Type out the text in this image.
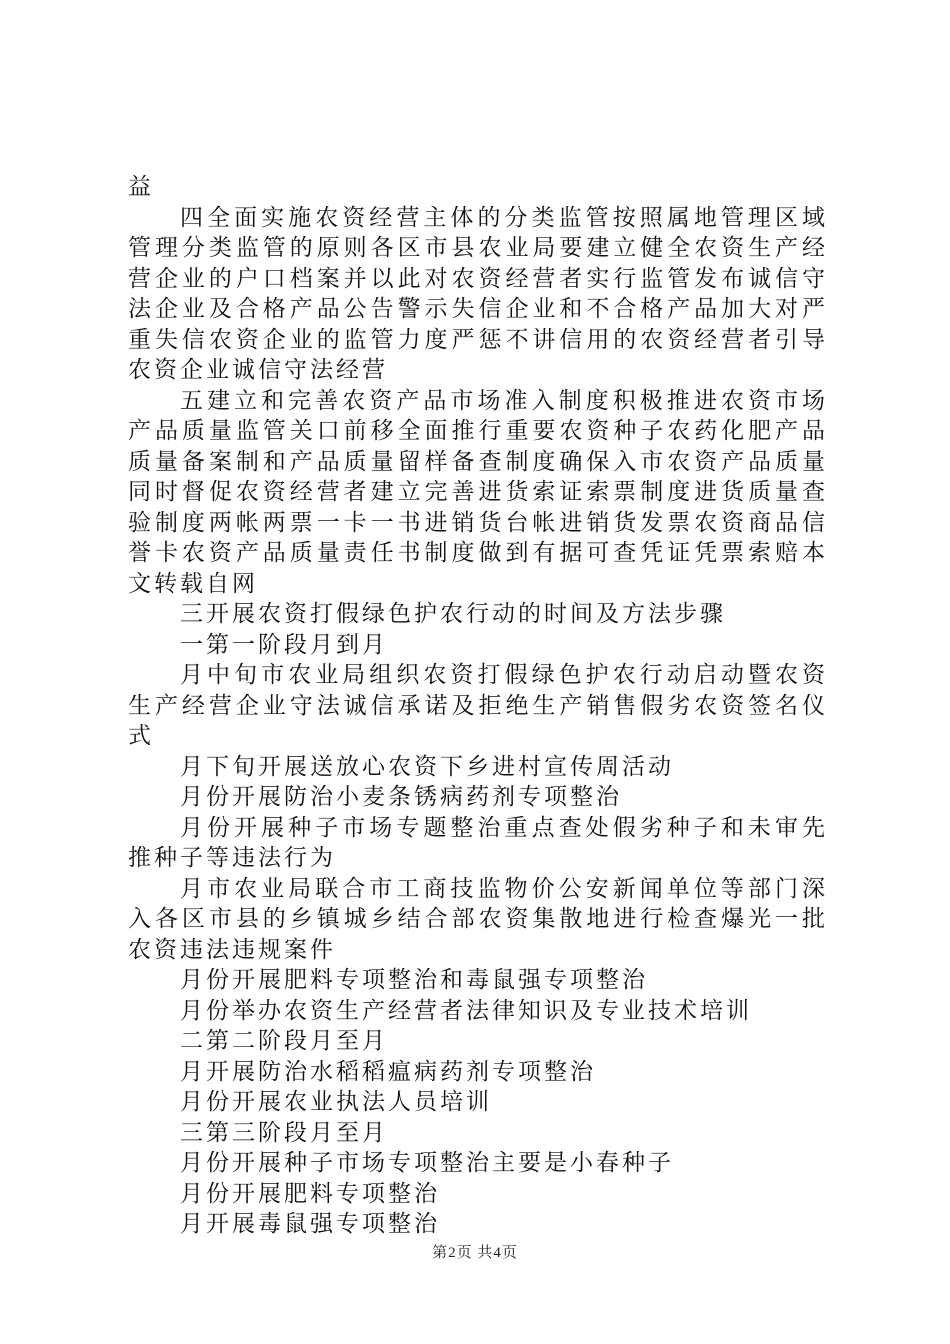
益

四全面实施农资经营主体的分类监管按照属地管理区域管理分类监管的原则各区市县农业局要建立健全农资生产经营企业的户口档案并以此对农资经营者实行监管发布诚信守法企业及合格产品公告警示失信企业和不合格产品加大对严重失信农资企业的监管力度严惩不讲信用的农资经营者引导农资企业诚信守法经营

五建立和完善农资产品市场准入制度积极推进农资市场产品质量监管关口前移全面推行重要农资种子农药化肥产品质量备案制和产品质量留样备查制度确保入市农资产品质量同时督促农资经营者建立完善进货索证索票制度进货质量查验制度两帐两票一卡一书进销货台帐进销货发票农资商品信誉卡农资产品质量责任书制度做到有据可查凭证凭票索赔本文转载自网

三开展农资打假绿色护农行动的时间及方法步骤

一第一阶段月到月

月中旬市农业局组织农资打假绿色护农行动启动暨农资生产经营企业守法诚信承诺及拒绝生产销售假劣农资签名仪式

月下旬开展送放心农资下乡进村宣传周活动

月份开展防治小麦条锈病药剂专项整治

月份开展种子市场专题整治重点查处假劣种子和未审先推种子等违法行为

月市农业局联合市工商技监物价公安新闻单位等部门深入各区市县的乡镇城乡结合部农资集散地进行检查爆光一批农资违法违规案件

月份开展肥料专项整治和毒鼠强专项整治

月份举办农资生产经营者法律知识及专业技术培训

二第二阶段月至月

月开展防治水稻稻瘟病药剂专项整治

月份开展农业执法人员培训

三第三阶段月至月

月份开展种子市场专项整治主要是小春种子

月份开展肥料专项整治

月开展毒鼠强专项整治

第2页 共4页
